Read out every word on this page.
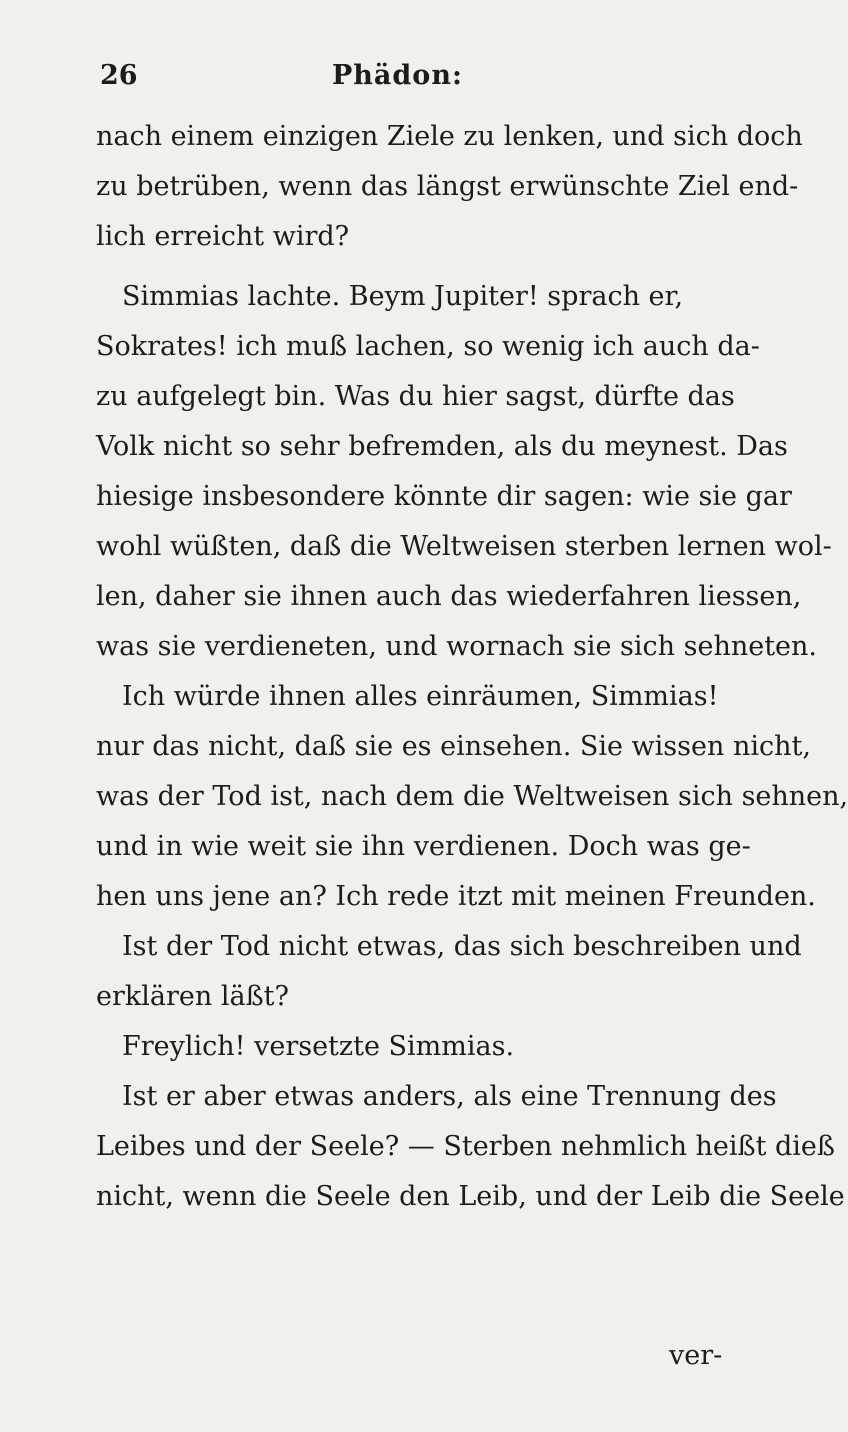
26	Phädon:
nach einem einzigen Ziele zu lenken, und sich doch
zu betrüben, wenn das längst erwünschte Ziel end-
lich erreicht wird?
Simmias lachte. Beym Jupiter! sprach er,
Sokrates! ich muß lachen, so wenig ich auch da-
zu aufgelegt bin. Was du hier sagst, dürfte das
Volk nicht so sehr befremden, als du meynest. Das
hiesige insbesondere könnte dir sagen: wie sie gar
wohl wüßten, daß die Weltweisen sterben lernen wol-
len, daher sie ihnen auch das wiederfahren liessen,
was sie verdieneten, und wornach sie sich sehneten.
Ich würde ihnen alles einräumen, Simmias!
nur das nicht, daß sie es einsehen. Sie wissen nicht,
was der Tod ist, nach dem die Weltweisen sich sehnen,
und in wie weit sie ihn verdienen. Doch was ge-
hen uns jene an? Ich rede itzt mit meinen Freunden.
Ist der Tod nicht etwas, das sich beschreiben und
erklären läßt?
Freylich! versetzte Simmias.
Ist er aber etwas anders, als eine Trennung des
Leibes und der Seele? — Sterben nehmlich heißt dieß
nicht, wenn die Seele den Leib, und der Leib die Seele
ver-
